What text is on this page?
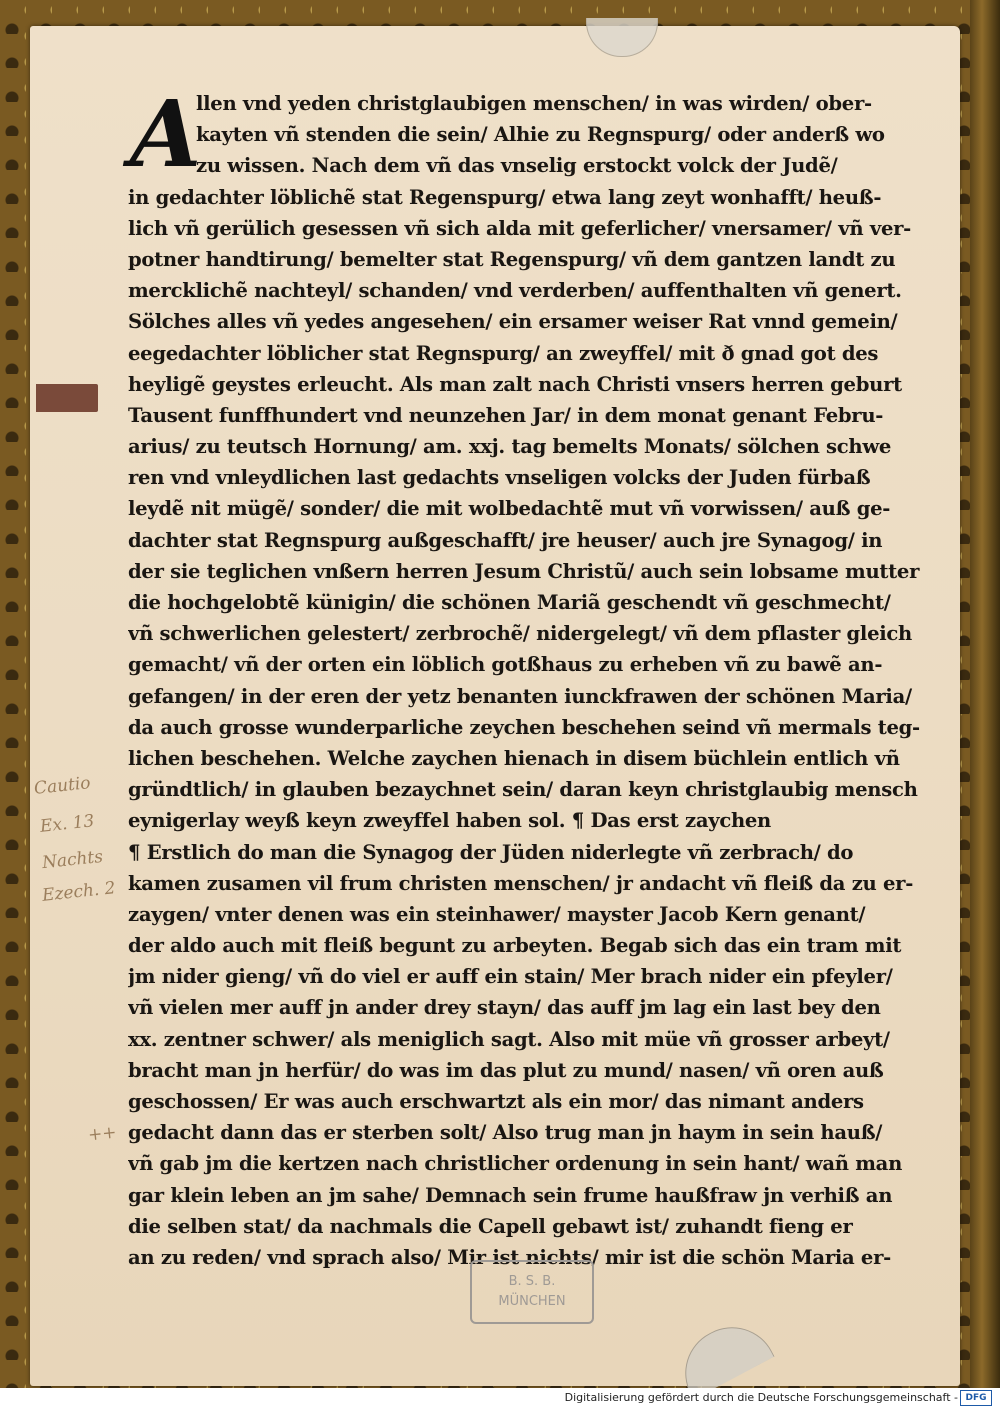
A
llen vnd yeden christglaubigen menschen/ in was wirden/ ober-
kayten vñ stenden die sein/ Alhie zu Regnspurg/ oder anderß wo
zu wissen. Nach dem vñ das vnselig erstockt volck der Judẽ/
in gedachter löblichẽ stat Regenspurg/ etwa lang zeyt wonhafft/ heuß-
lich vñ gerülich gesessen vñ sich alda mit geferlicher/ vnersamer/ vñ ver-
potner handtirung/ bemelter stat Regenspurg/ vñ dem gantzen landt zu
mercklichẽ nachteyl/ schanden/ vnd verderben/ auffenthalten vñ genert.
Sölches alles vñ yedes angesehen/ ein ersamer weiser Rat vnnd gemein/
eegedachter löblicher stat Regnspurg/ an zweyffel/ mit ð gnad got des
heyligẽ geystes erleucht. Als man zalt nach Christi vnsers herren geburt
Tausent funffhundert vnd neunzehen Jar/ in dem monat genant Febru-
arius/ zu teutsch Hornung/ am. xxj. tag bemelts Monats/ sölchen schwe
ren vnd vnleydlichen last gedachts vnseligen volcks der Juden fürbaß
leydẽ nit mügẽ/ sonder/ die mit wolbedachtẽ mut vñ vorwissen/ auß ge-
dachter stat Regnspurg außgeschafft/ jre heuser/ auch jre Synagog/ in
der sie teglichen vnßern herren Jesum Christũ/ auch sein lobsame mutter
die hochgelobtẽ künigin/ die schönen Mariã geschendt vñ geschmecht/
vñ schwerlichen gelestert/ zerbrochẽ/ nidergelegt/ vñ dem pflaster gleich
gemacht/ vñ der orten ein löblich gotßhaus zu erheben vñ zu bawẽ an-
gefangen/ in der eren der yetz benanten iunckfrawen der schönen Maria/
da auch grosse wunderparliche zeychen beschehen seind vñ mermals teg-
lichen beschehen. Welche zaychen hienach in disem büchlein entlich vñ
gründtlich/ in glauben bezaychnet sein/ daran keyn christglaubig mensch
eynigerlay weyß keyn zweyffel haben sol. ¶ Das erst zaychen
¶ Erstlich do man die Synagog der Jüden niderlegte vñ zerbrach/ do
kamen zusamen vil frum christen menschen/ jr andacht vñ fleiß da zu er-
zaygen/ vnter denen was ein steinhawer/ mayster Jacob Kern genant/
der aldo auch mit fleiß begunt zu arbeyten. Begab sich das ein tram mit
jm nider gieng/ vñ do viel er auff ein stain/ Mer brach nider ein pfeyler/
vñ vielen mer auff jn ander drey stayn/ das auff jm lag ein last bey den
xx. zentner schwer/ als meniglich sagt. Also mit müe vñ grosser arbeyt/
bracht man jn herfür/ do was im das plut zu mund/ nasen/ vñ oren auß
geschossen/ Er was auch erschwartzt als ein mor/ das nimant anders
gedacht dann das er sterben solt/ Also trug man jn haym in sein hauß/
vñ gab jm die kertzen nach christlicher ordenung in sein hant/ wañ man
gar klein leben an jm sahe/ Demnach sein frume haußfraw jn verhiß an
die selben stat/ da nachmals die Capell gebawt ist/ zuhandt fieng er
an zu reden/ vnd sprach also/ Mir ist nichts/ mir ist die schön Maria er-
Cautio
Ex. 13
Nachts
Ezech. 2
++
B. S. B.
MÜNCHEN
Digitalisierung gefördert durch die Deutsche Forschungsgemeinschaft - DFG
